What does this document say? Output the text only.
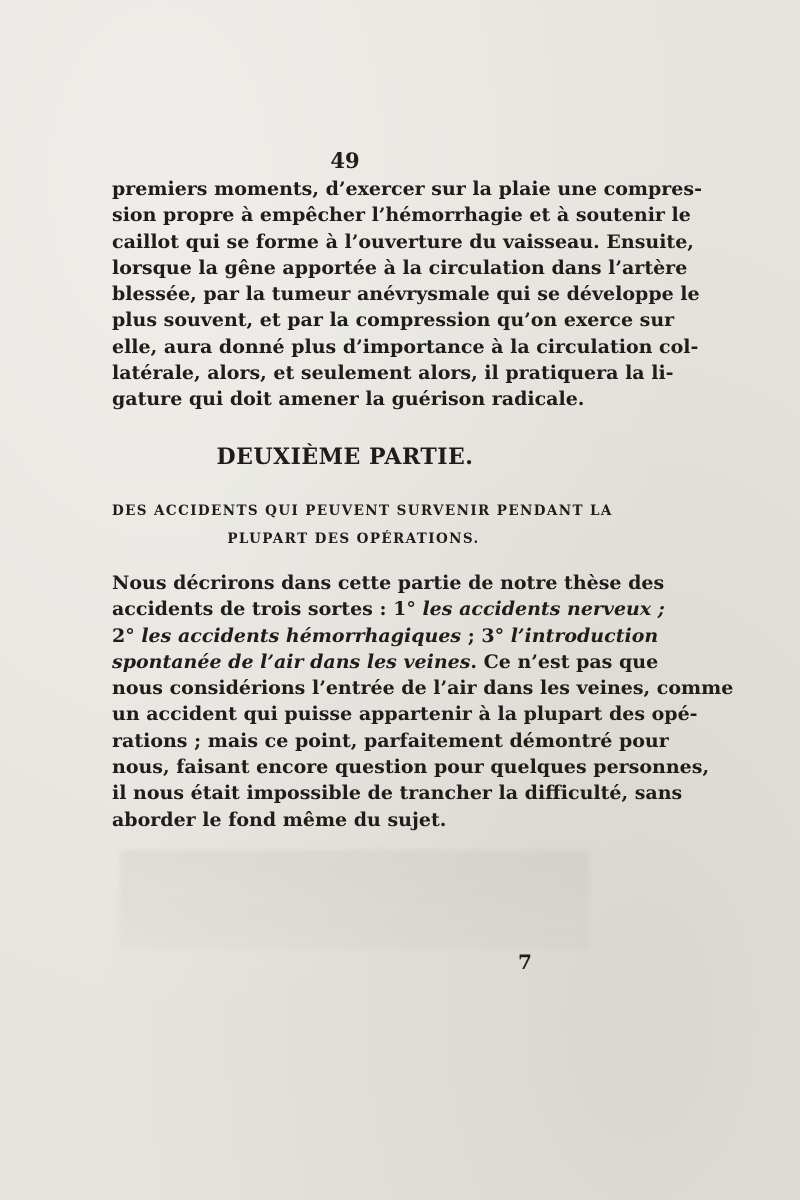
49
premiers moments, d’exercer sur la plaie une compres-
sion propre à empêcher l’hémorrhagie et à soutenir le
caillot qui se forme à l’ouverture du vaisseau. Ensuite,
lorsque la gêne apportée à la circulation dans l’artère
blessée, par la tumeur anévrysmale qui se développe le
plus souvent, et par la compression qu’on exerce sur
elle, aura donné plus d’importance à la circulation col-
latérale, alors, et seulement alors, il pratiquera la li-
gature qui doit amener la guérison radicale.
DEUXIÈME PARTIE.
DES ACCIDENTS QUI PEUVENT SURVENIR PENDANT LA
PLUPART DES OPÉRATIONS.
Nous décrirons dans cette partie de notre thèse des
accidents de trois sortes : 1° les accidents nerveux ;
2° les accidents hémorrhagiques ; 3° l’introduction
spontanée de l’air dans les veines. Ce n’est pas que
nous considérions l’entrée de l’air dans les veines, comme
un accident qui puisse appartenir à la plupart des opé-
rations ; mais ce point, parfaitement démontré pour
nous, faisant encore question pour quelques personnes,
il nous était impossible de trancher la difficulté, sans
aborder le fond même du sujet.
7
